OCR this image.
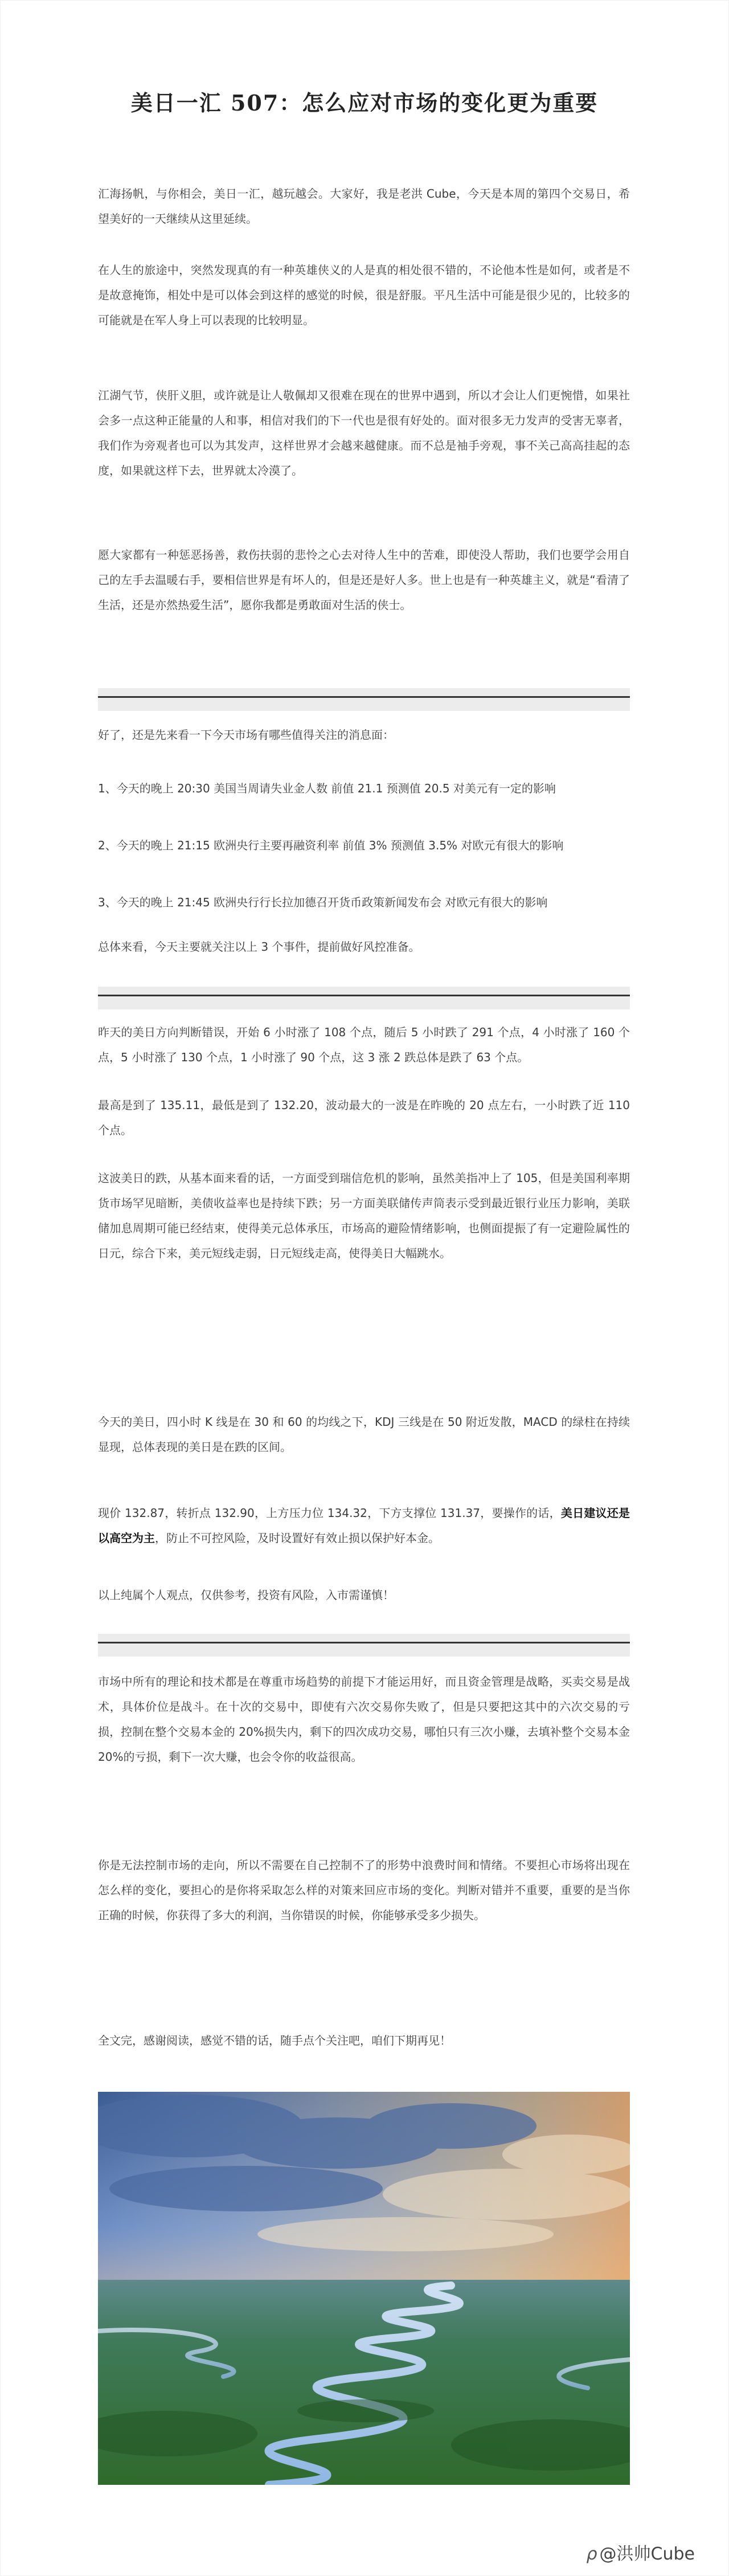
美日一汇 507：怎么应对市场的变化更为重要

汇海扬帆，与你相会，美日一汇，越玩越会。大家好，我是老洪 Cube，今天是本周的第四个交易日，希望美好的一天继续从这里延续。

在人生的旅途中，突然发现真的有一种英雄侠义的人是真的相处很不错的，不论他本性是如何，或者是不是故意掩饰，相处中是可以体会到这样的感觉的时候，很是舒服。平凡生活中可能是很少见的，比较多的可能就是在军人身上可以表现的比较明显。

江湖气节，侠肝义胆，或许就是让人敬佩却又很难在现在的世界中遇到，所以才会让人们更惋惜，如果社会多一点这种正能量的人和事，相信对我们的下一代也是很有好处的。面对很多无力发声的受害无辜者，我们作为旁观者也可以为其发声，这样世界才会越来越健康。而不总是袖手旁观，事不关己高高挂起的态度，如果就这样下去，世界就太冷漠了。

愿大家都有一种惩恶扬善，救伤扶弱的悲怜之心去对待人生中的苦难，即使没人帮助，我们也要学会用自己的左手去温暖右手，要相信世界是有坏人的，但是还是好人多。世上也是有一种英雄主义，就是“看清了生活，还是亦然热爱生活”，愿你我都是勇敢面对生活的侠士。

好了，还是先来看一下今天市场有哪些值得关注的消息面：

1、今天的晚上 20:30 美国当周请失业金人数 前值 21.1 预测值 20.5 对美元有一定的影响

2、今天的晚上 21:15 欧洲央行主要再融资利率 前值 3% 预测值 3.5% 对欧元有很大的影响

3、今天的晚上 21:45 欧洲央行行长拉加德召开货币政策新闻发布会 对欧元有很大的影响

总体来看，今天主要就关注以上 3 个事件，提前做好风控准备。

昨天的美日方向判断错误，开始 6 小时涨了 108 个点，随后 5 小时跌了 291 个点，4 小时涨了 160 个点，5 小时涨了 130 个点，1 小时涨了 90 个点，这 3 涨 2 跌总体是跌了 63 个点。

最高是到了 135.11，最低是到了 132.20，波动最大的一波是在昨晚的 20 点左右，一小时跌了近 110 个点。

这波美日的跌，从基本面来看的话，一方面受到瑞信危机的影响，虽然美指冲上了 105，但是美国利率期货市场罕见暗断，美债收益率也是持续下跌；另一方面美联储传声筒表示受到最近银行业压力影响，美联储加息周期可能已经结束，使得美元总体承压，市场高的避险情绪影响，也侧面提振了有一定避险属性的日元，综合下来，美元短线走弱，日元短线走高，使得美日大幅跳水。

今天的美日，四小时 K 线是在 30 和 60 的均线之下，KDJ 三线是在 50 附近发散，MACD 的绿柱在持续显现，总体表现的美日是在跌的区间。

现价 132.87，转折点 132.90，上方压力位 134.32，下方支撑位 131.37，要操作的话，美日建议还是以高空为主，防止不可控风险，及时设置好有效止损以保护好本金。

以上纯属个人观点，仅供参考，投资有风险，入市需谨慎！

市场中所有的理论和技术都是在尊重市场趋势的前提下才能运用好，而且资金管理是战略，买卖交易是战术，具体价位是战斗。在十次的交易中，即使有六次交易你失败了，但是只要把这其中的六次交易的亏损，控制在整个交易本金的 20%损失内，剩下的四次成功交易，哪怕只有三次小赚，去填补整个交易本金 20%的亏损，剩下一次大赚，也会令你的收益很高。

你是无法控制市场的走向，所以不需要在自己控制不了的形势中浪费时间和情绪。不要担心市场将出现在怎么样的变化，要担心的是你将采取怎么样的对策来回应市场的变化。判断对错并不重要，重要的是当你正确的时候，你获得了多大的利润，当你错误的时候，你能够承受多少损失。

全文完，感谢阅读，感觉不错的话，随手点个关注吧，咱们下期再见！

ρ @洪帅Cube
